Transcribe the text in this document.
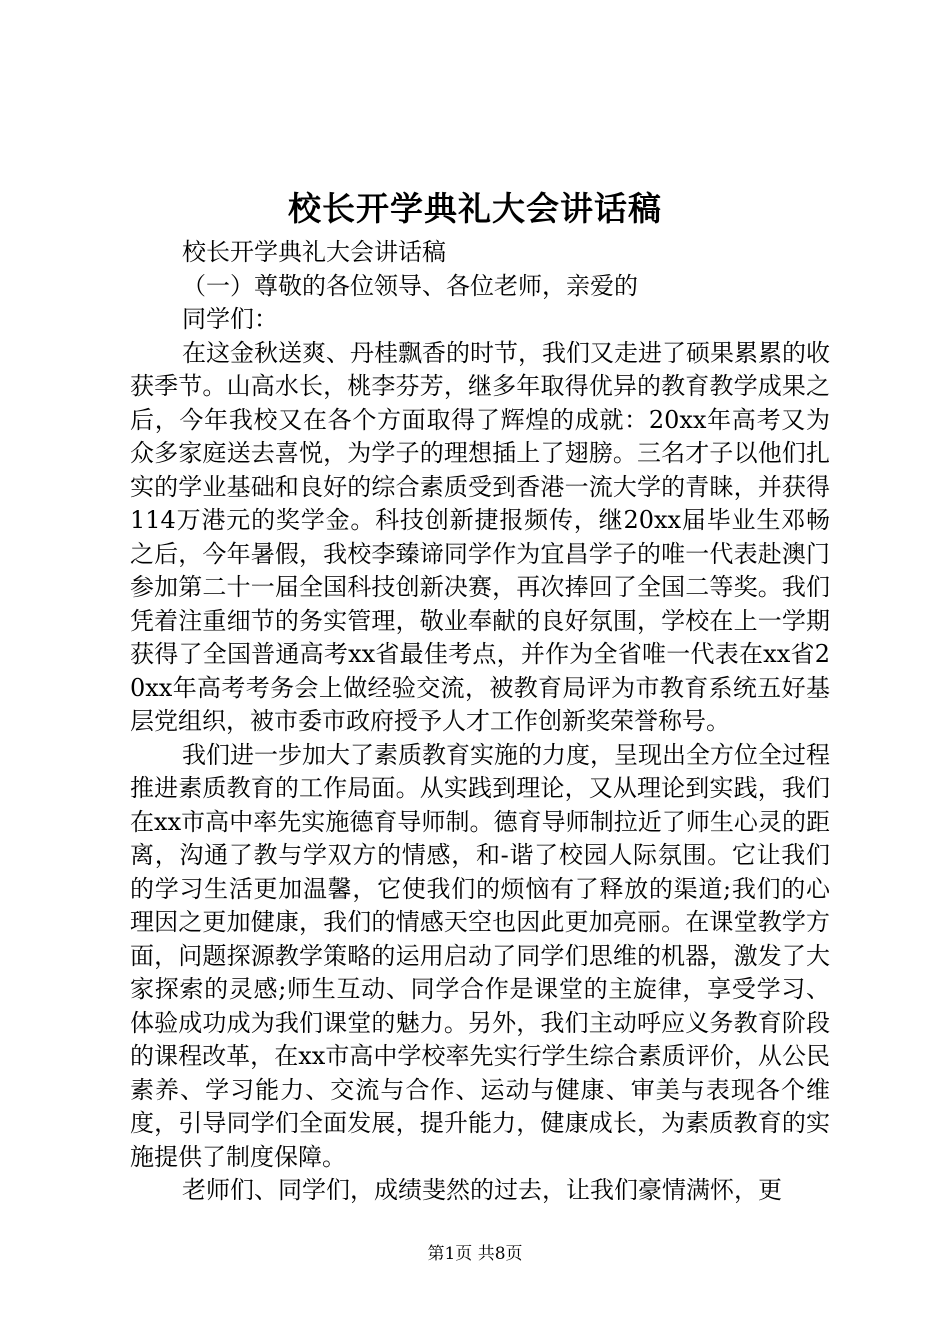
校长开学典礼大会讲话稿

校长开学典礼大会讲话稿

（一）尊敬的各位领导、各位老师，亲爱的

同学们：

在这金秋送爽、丹桂飘香的时节，我们又走进了硕果累累的收获季节。山高水长，桃李芬芳，继多年取得优异的教育教学成果之后，今年我校又在各个方面取得了辉煌的成就：20xx年高考又为众多家庭送去喜悦，为学子的理想插上了翅膀。三名才子以他们扎实的学业基础和良好的综合素质受到香港一流大学的青睐，并获得114万港元的奖学金。科技创新捷报频传，继20xx届毕业生邓畅之后，今年暑假，我校李臻谛同学作为宜昌学子的唯一代表赴澳门参加第二十一届全国科技创新决赛，再次捧回了全国二等奖。我们凭着注重细节的务实管理，敬业奉献的良好氛围，学校在上一学期获得了全国普通高考xx省最佳考点，并作为全省唯一代表在xx省20xx年高考考务会上做经验交流，被教育局评为市教育系统五好基层党组织，被市委市政府授予人才工作创新奖荣誉称号。

我们进一步加大了素质教育实施的力度，呈现出全方位全过程推进素质教育的工作局面。从实践到理论，又从理论到实践，我们在xx市高中率先实施德育导师制。德育导师制拉近了师生心灵的距离，沟通了教与学双方的情感，和-谐了校园人际氛围。它让我们的学习生活更加温馨，它使我们的烦恼有了释放的渠道;我们的心理因之更加健康，我们的情感天空也因此更加亮丽。在课堂教学方面，问题探源教学策略的运用启动了同学们思维的机器，激发了大家探索的灵感;师生互动、同学合作是课堂的主旋律，享受学习、体验成功成为我们课堂的魅力。另外，我们主动呼应义务教育阶段的课程改革，在xx市高中学校率先实行学生综合素质评价，从公民素养、学习能力、交流与合作、运动与健康、审美与表现各个维度，引导同学们全面发展，提升能力，健康成长，为素质教育的实施提供了制度保障。

老师们、同学们，成绩斐然的过去，让我们豪情满怀，更

第1页 共8页
